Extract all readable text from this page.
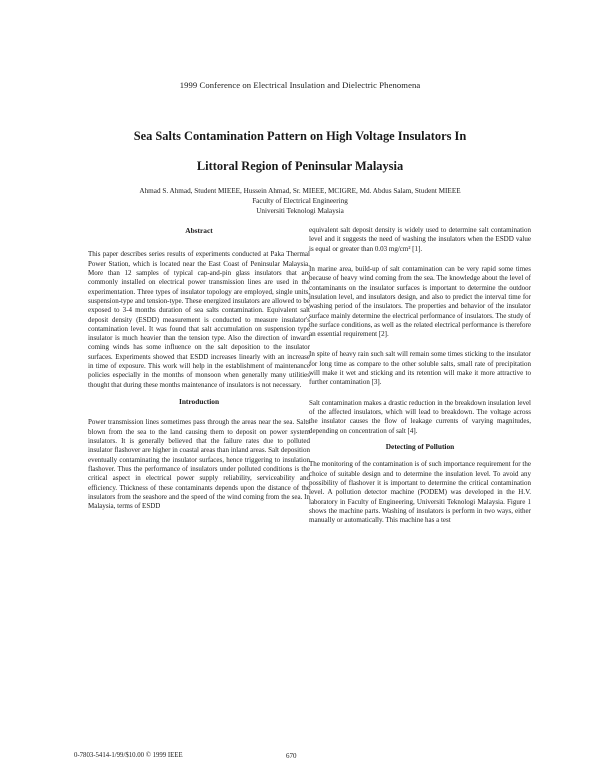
1999 Conference on Electrical Insulation and Dielectric Phenomena
Sea Salts Contamination Pattern on High Voltage Insulators In
Littoral Region of Peninsular Malaysia
Ahmad S. Ahmad, Student MIEEE, Hussein Ahmad, Sr. MIEEE, MCIGRE, Md. Abdus Salam, Student MIEEE
Faculty of Electrical Engineering
Universiti Teknologi Malaysia
Abstract

This paper describes series results of experiments conducted at Paka Thermal Power Station, which is located near the East Coast of Peninsular Malaysia. More than 12 samples of typical cap-and-pin glass insulators that are commonly installed on electrical power transmission lines are used in the experimentation. Three types of insulator topology are employed, single units, suspension-type and tension-type. These energized insulators are allowed to be exposed to 3-4 months duration of sea salts contamination. Equivalent salt deposit density (ESDD) measurement is conducted to measure insulator's contamination level. It was found that salt accumulation on suspension type insulator is much heavier than the tension type. Also the direction of inward coming winds has some influence on the salt deposition to the insulator surfaces. Experiments showed that ESDD increases linearly with an increase in time of exposure. This work will help in the establishment of maintenance policies especially in the months of monsoon when generally many utilities thought that during these months maintenance of insulators is not necessary.

Introduction

Power transmission lines sometimes pass through the areas near the sea. Salts blown from the sea to the land causing them to deposit on power system insulators. It is generally believed that the failure rates due to polluted insulator flashover are higher in coastal areas than inland areas. Salt deposition eventually contaminating the insulator surfaces, hence triggering to insulation flashover. Thus the performance of insulators under polluted conditions is the critical aspect in electrical power supply reliability, serviceability and efficiency. Thickness of these contaminants depends upon the distance of the insulators from the seashore and the speed of the wind coming from the sea. In Malaysia, terms of ESDD

equivalent salt deposit density is widely used to determine salt contamination level and it suggests the need of washing the insulators when the ESDD value is equal or greater than 0.03 mg/cm² [1].

In marine area, build-up of salt contamination can be very rapid some times because of heavy wind coming from the sea. The knowledge about the level of contaminants on the insulator surfaces is important to determine the outdoor insulation level, and insulators design, and also to predict the interval time for washing period of the insulators. The properties and behavior of the insulator surface mainly determine the electrical performance of insulators. The study of the surface conditions, as well as the related electrical performance is therefore an essential requirement [2].

In spite of heavy rain such salt will remain some times sticking to the insulator for long time as compare to the other soluble salts, small rate of precipitation will make it wet and sticking and its retention will make it more attractive to further contamination [3].

Salt contamination makes a drastic reduction in the breakdown insulation level of the affected insulators, which will lead to breakdown. The voltage across the insulator causes the flow of leakage currents of varying magnitudes, depending on concentration of salt [4].

Detecting of Pollution

The monitoring of the contamination is of such importance requirement for the choice of suitable design and to determine the insulation level. To avoid any possibility of flashover it is important to determine the critical contamination level. A pollution detector machine (PODEM) was developed in the H.V. laboratory in Faculty of Engineering, Universiti Teknologi Malaysia. Figure 1 shows the machine parts. Washing of insulators is perform in two ways, either manually or automatically. This machine has a test

0-7803-5414-1/99/$10.00 © 1999 IEEE	670
